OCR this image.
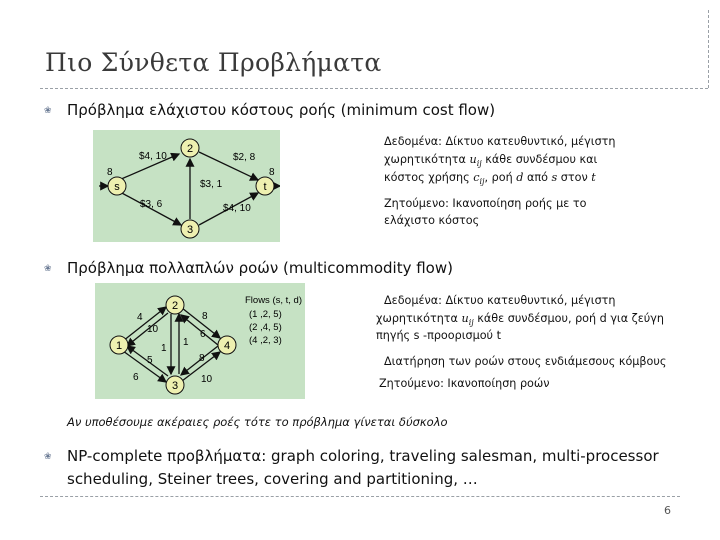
Πιο Σύνθετα Προβλήματα
❀ Πρόβλημα ελάχιστου κόστους ροής (minimum cost flow)
2
s	t
3
$4, 10	$2, 8
$3, 6
$3, 1
$4, 10
8	8
Δεδομένα: Δίκτυο κατευθυντικό, μέγιστη
χωρητικότητα $u_{ij}$ κάθε συνδέσμου και
κόστος χρήσης $c_{ij}$, ροή d από s στον t
Ζητούμενο: Ικανοποίηση ροής με το
ελάχιστο κόστος
❀ Πρόβλημα πολλαπλών ροών (multicommodity flow)
2
1	4
3
4
10
8
6
5
6
8
10
1
1
Flows (s, t, d)
(1 ,2, 5)
(2 ,4, 5)
(4 ,2, 3)
Δεδομένα: Δίκτυο κατευθυντικό, μέγιστη
χωρητικότητα $u_{ij}$ κάθε συνδέσμου, ροή d για ζεύγη
πηγής s -προορισμού t
Διατήρηση των ροών στους ενδιάμεσους κόμβους
Ζητούμενο: Ικανοποίηση ροών
Αν υποθέσουμε ακέραιες ροές τότε το πρόβλημα γίνεται δύσκολο
❀ NP-complete προβλήματα: graph coloring, traveling salesman, multi-processor
scheduling, Steiner trees, covering and partitioning, …
6
